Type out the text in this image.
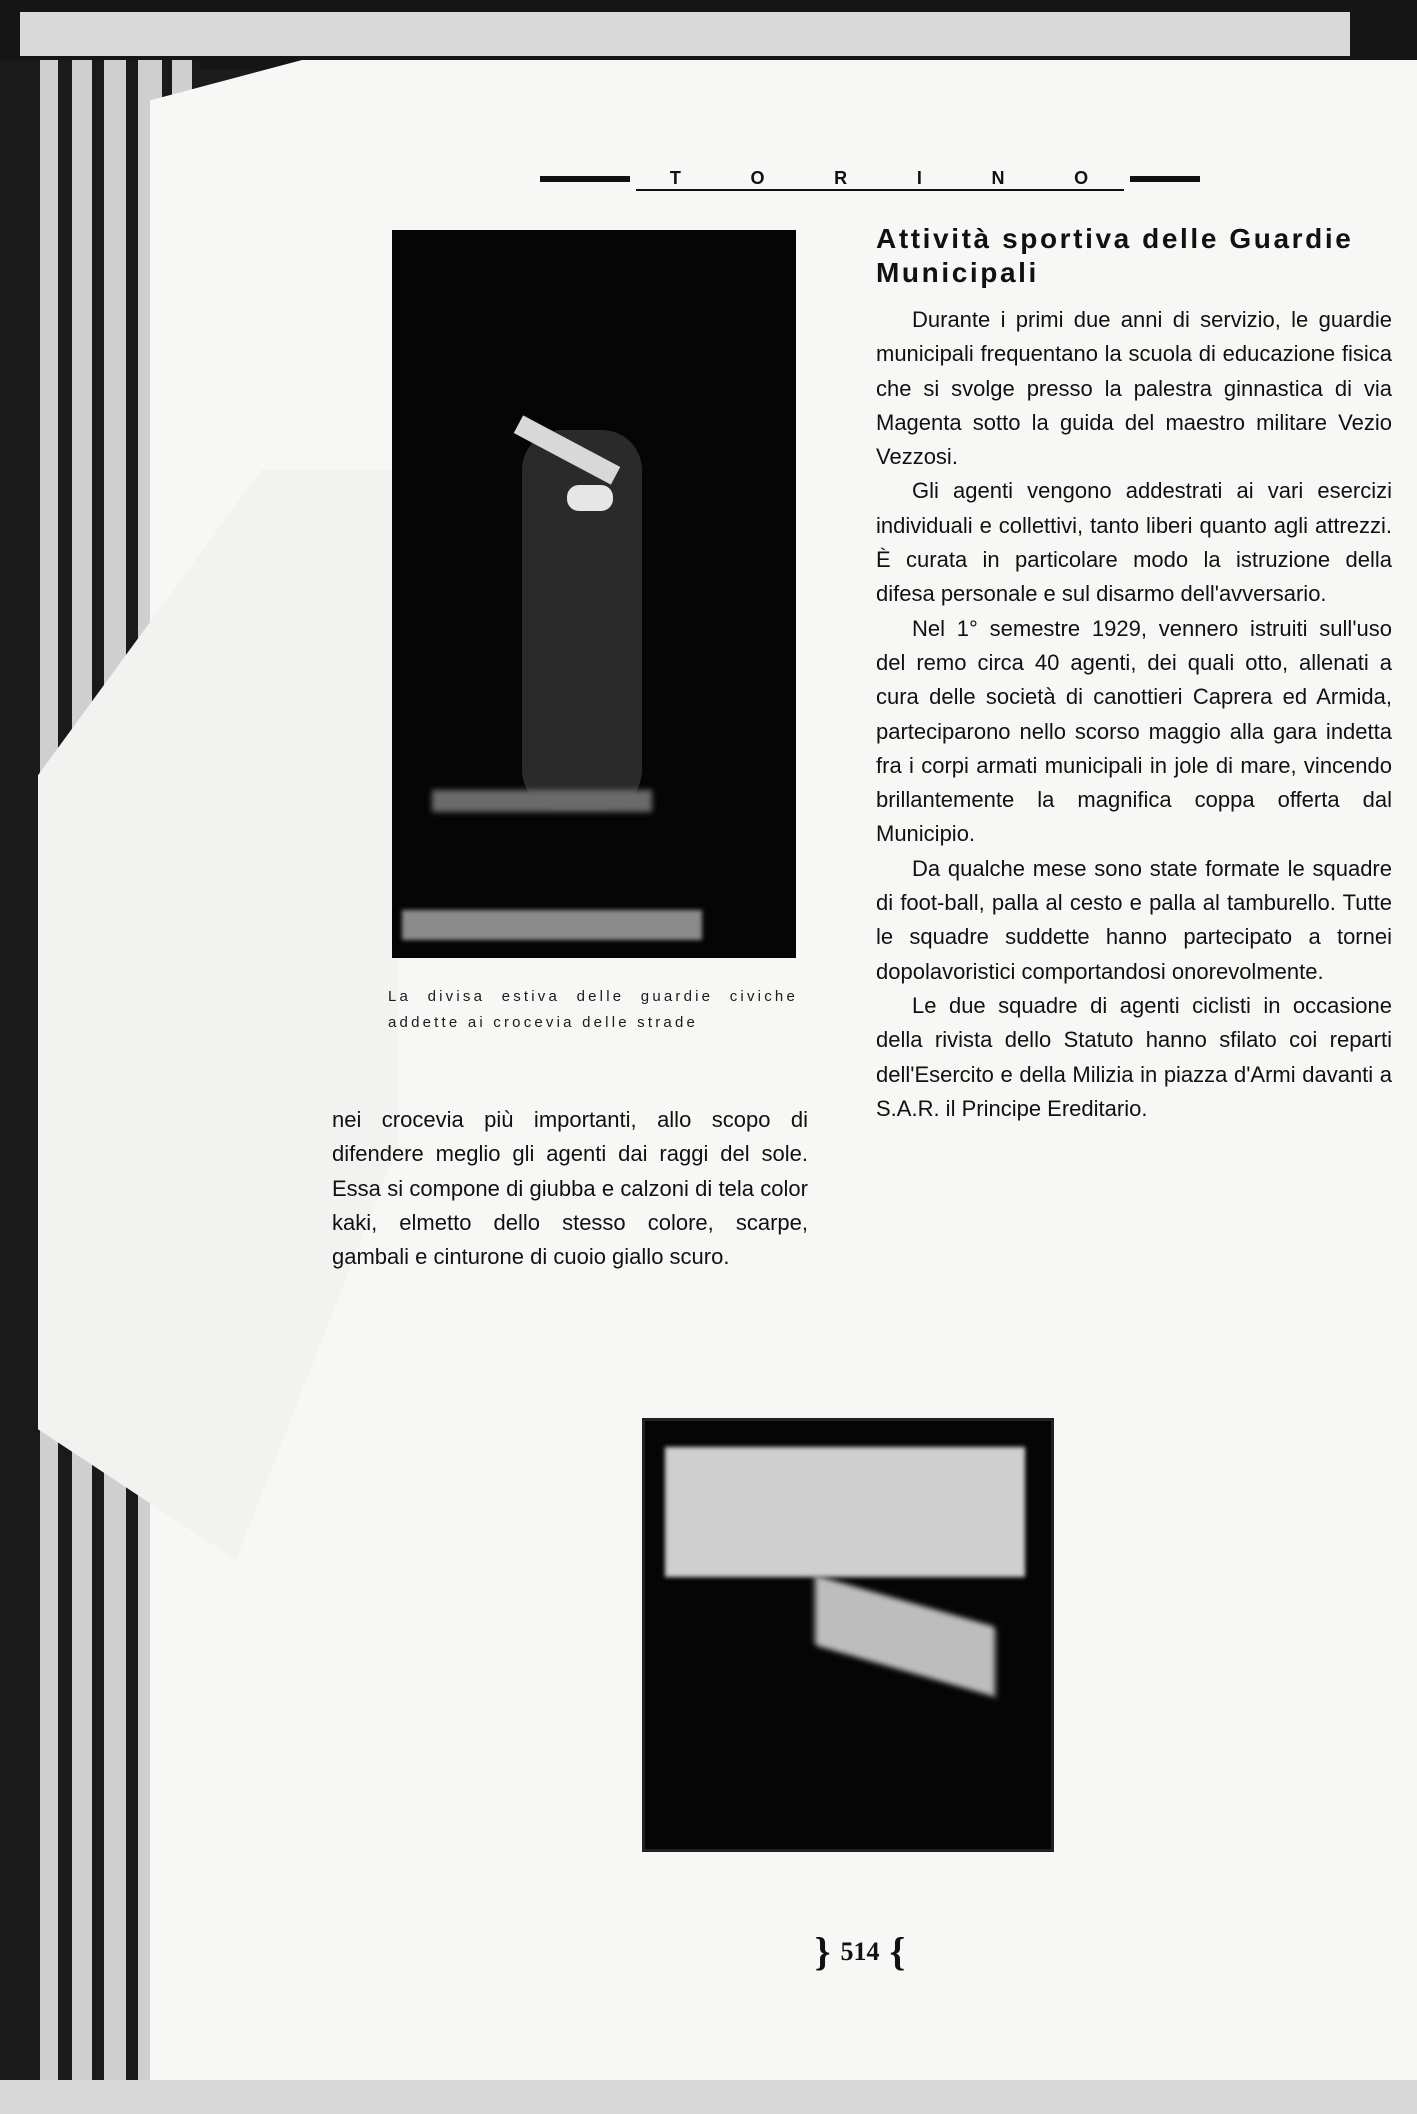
T	O	R	I	N	O
La divisa estiva delle guardie civiche addette ai crocevia delle strade

nei crocevia più importanti, allo scopo di difendere meglio gli agenti dai raggi del sole. Essa si compone di giubba e calzoni di tela color kaki, elmetto dello stesso colore, scarpe, gambali e cinturone di cuoio giallo scuro.

Attività sportiva delle Guardie Municipali

Durante i primi due anni di servizio, le guardie municipali frequentano la scuola di educazione fisica che si svolge presso la palestra ginnastica di via Magenta sotto la guida del maestro militare Vezio Vezzosi.

Gli agenti vengono addestrati ai vari esercizi individuali e collettivi, tanto liberi quanto agli attrezzi. È curata in particolare modo la istruzione della difesa personale e sul disarmo dell'avversario.

Nel 1° semestre 1929, vennero istruiti sull'uso del remo circa 40 agenti, dei quali otto, allenati a cura delle società di canottieri Caprera ed Armida, parteciparono nello scorso maggio alla gara indetta fra i corpi armati municipali in jole di mare, vincendo brillantemente la magnifica coppa offerta dal Municipio.

Da qualche mese sono state formate le squadre di foot-ball, palla al cesto e palla al tamburello. Tutte le squadre suddette hanno partecipato a tornei dopolavoristici comportandosi onorevolmente.

Le due squadre di agenti ciclisti in occasione della rivista dello Statuto hanno sfilato coi reparti dell'Esercito e della Milizia in piazza d'Armi davanti a S.A.R. il Principe Ereditario.

} 514 {
